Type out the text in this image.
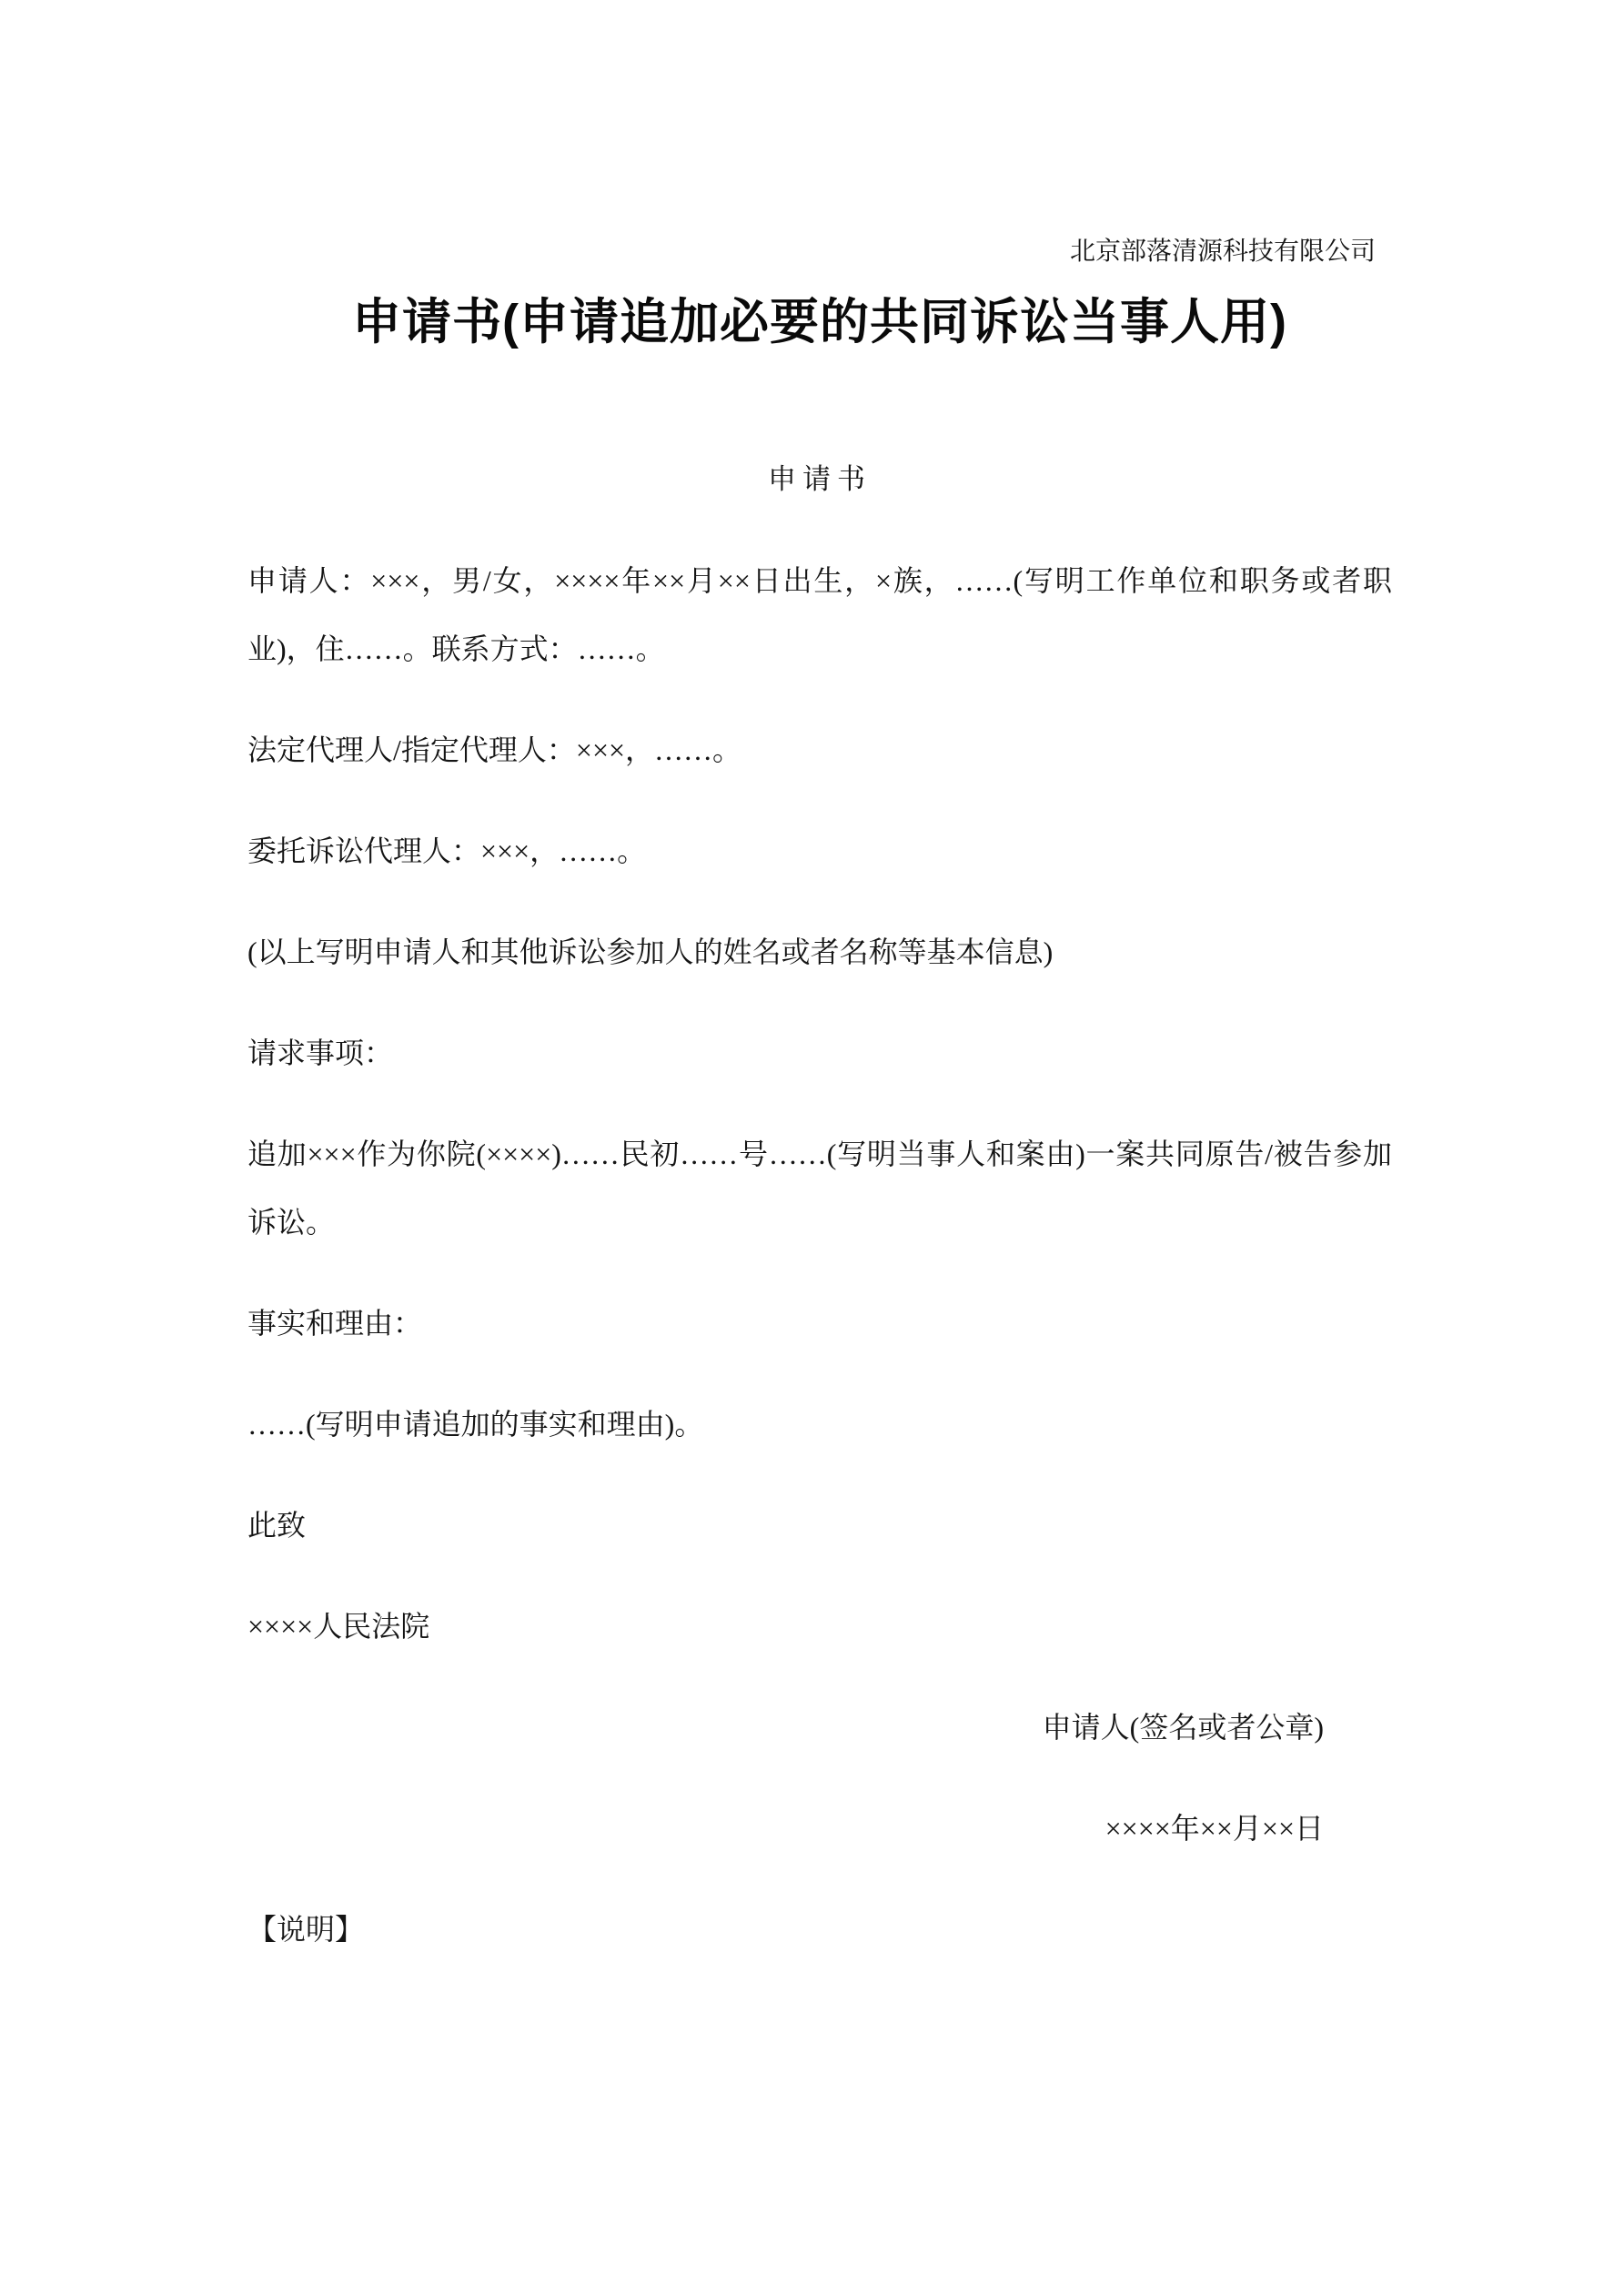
北京部落清源科技有限公司
申请书(申请追加必要的共同诉讼当事人用)
申请书

申请人：×××，男/女，××××年××月××日出生，×族，……(写明工作单位和职务或者职业)，住……。联系方式：……。

法定代理人/指定代理人：×××，……。

委托诉讼代理人：×××，……。

(以上写明申请人和其他诉讼参加人的姓名或者名称等基本信息)

请求事项：

追加×××作为你院(××××)……民初……号……(写明当事人和案由)一案共同原告/被告参加诉讼。

事实和理由：

……(写明申请追加的事实和理由)。

此致

××××人民法院

申请人(签名或者公章)
××××年××月××日

【说明】
